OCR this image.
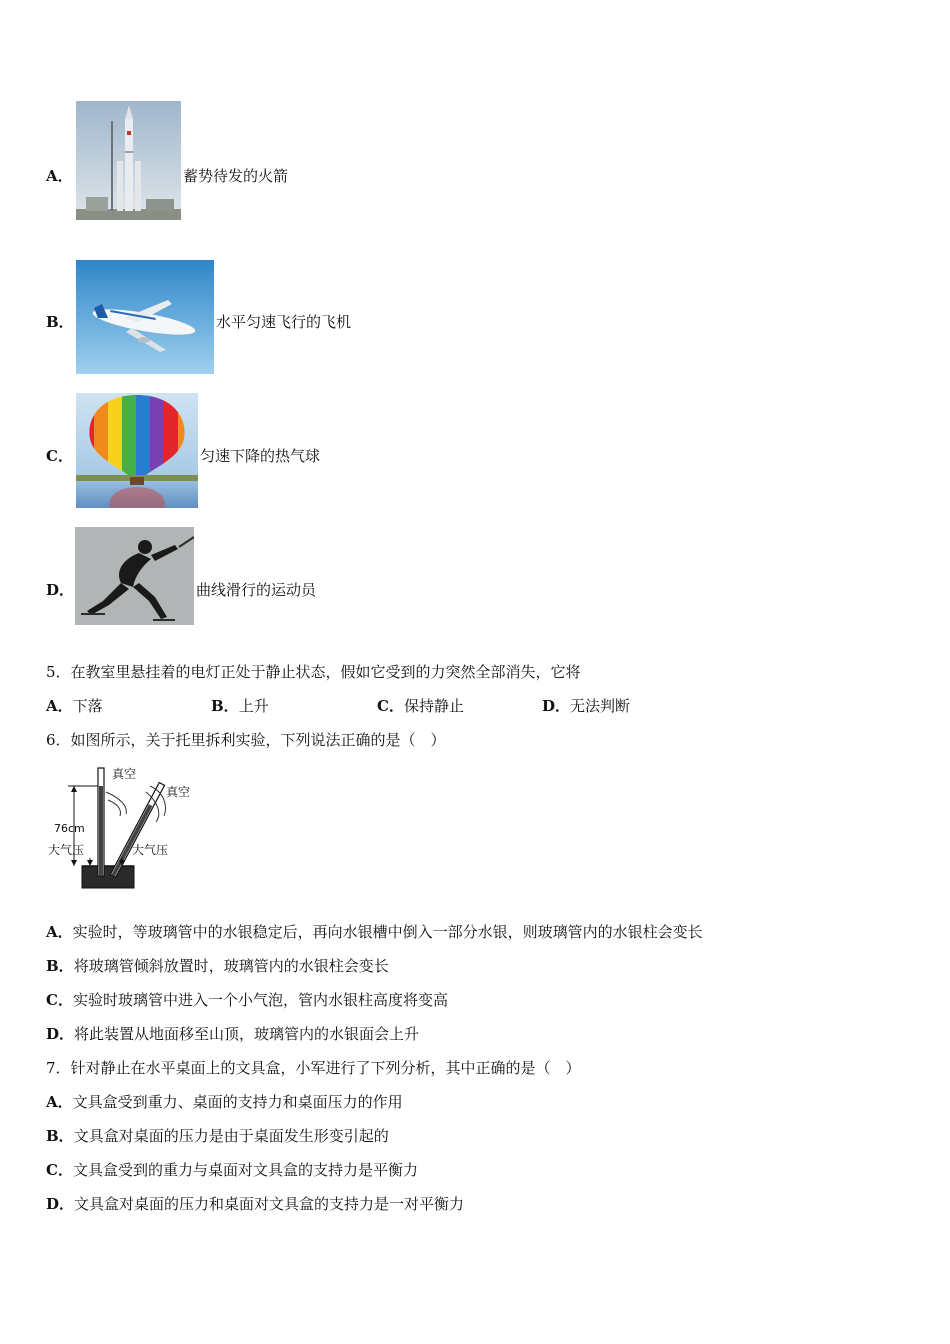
A．	蓄势待发的火箭
B．	水平匀速飞行的飞机
C．	匀速下降的热气球
D．	曲线滑行的运动员
5．在教室里悬挂着的电灯正处于静止状态，假如它受到的力突然全部消失，它将
A．下落	B．上升	C．保持静止	D．无法判断
6．如图所示，关于托里拆利实验，下列说法正确的是（　）
真空
真空
76cm
大气压	大气压
A．实验时，等玻璃管中的水银稳定后，再向水银槽中倒入一部分水银，则玻璃管内的水银柱会变长
B．将玻璃管倾斜放置时，玻璃管内的水银柱会变长
C．实验时玻璃管中进入一个小气泡，管内水银柱高度将变高
D．将此装置从地面移至山顶，玻璃管内的水银面会上升
7．针对静止在水平桌面上的文具盒，小军进行了下列分析，其中正确的是（　）
A．文具盒受到重力、桌面的支持力和桌面压力的作用
B．文具盒对桌面的压力是由于桌面发生形变引起的
C．文具盒受到的重力与桌面对文具盒的支持力是平衡力
D．文具盒对桌面的压力和桌面对文具盒的支持力是一对平衡力
